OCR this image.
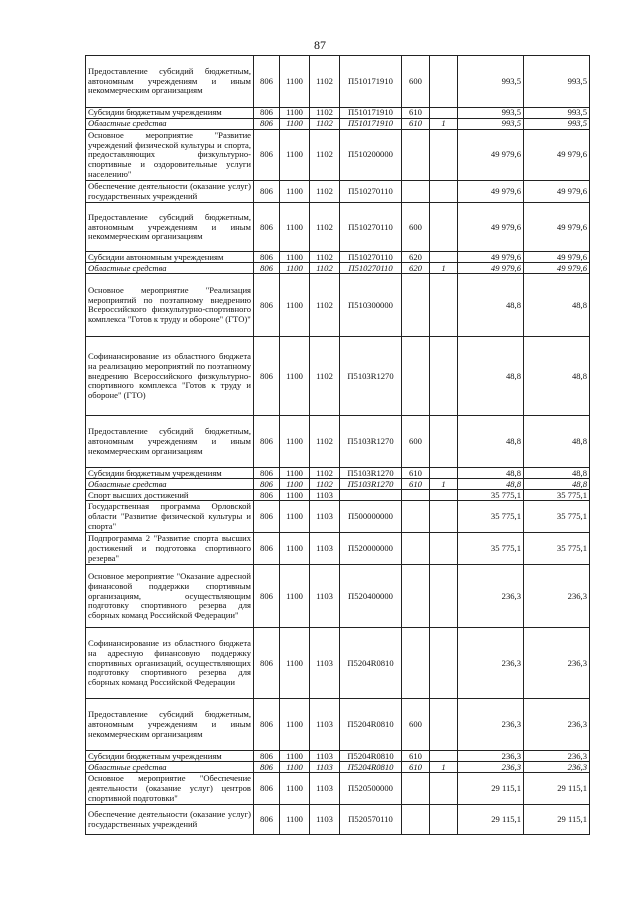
87
Предоставление субсидий бюджетным, автономным учреждениям и иным некоммерческим организациям	806	1100	1102	П510171910	600		993,5	993,5
Субсидии бюджетным учреждениям	806	1100	1102	П510171910	610		993,5	993,5
Областные средства	806	1100	1102	П510171910	610	1	993,5	993,5
Основное мероприятие "Развитие учреждений физической культуры и спорта, предоставляющих физкультурно-спортивные и оздоровительные услуги населению"	806	1100	1102	П510200000			49 979,6	49 979,6
Обеспечение деятельности (оказание услуг) государственных учреждений	806	1100	1102	П510270110			49 979,6	49 979,6
Предоставление субсидий бюджетным, автономным учреждениям и иным некоммерческим организациям	806	1100	1102	П510270110	600		49 979,6	49 979,6
Субсидии автономным учреждениям	806	1100	1102	П510270110	620		49 979,6	49 979,6
Областные средства	806	1100	1102	П510270110	620	1	49 979,6	49 979,6
Основное мероприятие "Реализация мероприятий по поэтапному внедрению Всероссийского физкультурно-спортивного комплекса "Готов к труду и обороне" (ГТО)"	806	1100	1102	П510300000			48,8	48,8
Софинансирование из областного бюджета на реализацию мероприятий по поэтапному внедрению Всероссийского физкультурно-спортивного комплекса "Готов к труду и обороне" (ГТО)	806	1100	1102	П5103R1270			48,8	48,8
Предоставление субсидий бюджетным, автономным учреждениям и иным некоммерческим организациям	806	1100	1102	П5103R1270	600		48,8	48,8
Субсидии бюджетным учреждениям	806	1100	1102	П5103R1270	610		48,8	48,8
Областные средства	806	1100	1102	П5103R1270	610	1	48,8	48,8
Спорт высших достижений	806	1100	1103				35 775,1	35 775,1
Государственная программа Орловской области "Развитие физической культуры и спорта"	806	1100	1103	П500000000			35 775,1	35 775,1
Подпрограмма 2 "Развитие спорта высших достижений и подготовка спортивного резерва"	806	1100	1103	П520000000			35 775,1	35 775,1
Основное мероприятие "Оказание адресной финансовой поддержки спортивным организациям, осуществляющим подготовку спортивного резерва для сборных команд Российской Федерации"	806	1100	1103	П520400000			236,3	236,3
Софинансирование из областного бюджета на адресную финансовую поддержку спортивных организаций, осуществляющих подготовку спортивного резерва для сборных команд Российской Федерации	806	1100	1103	П5204R0810			236,3	236,3
Предоставление субсидий бюджетным, автономным учреждениям и иным некоммерческим организациям	806	1100	1103	П5204R0810	600		236,3	236,3
Субсидии бюджетным учреждениям	806	1100	1103	П5204R0810	610		236,3	236,3
Областные средства	806	1100	1103	П5204R0810	610	1	236,3	236,3
Основное мероприятие "Обеспечение деятельности (оказание услуг) центров спортивной подготовки"	806	1100	1103	П520500000			29 115,1	29 115,1
Обеспечение деятельности (оказание услуг) государственных учреждений	806	1100	1103	П520570110			29 115,1	29 115,1
